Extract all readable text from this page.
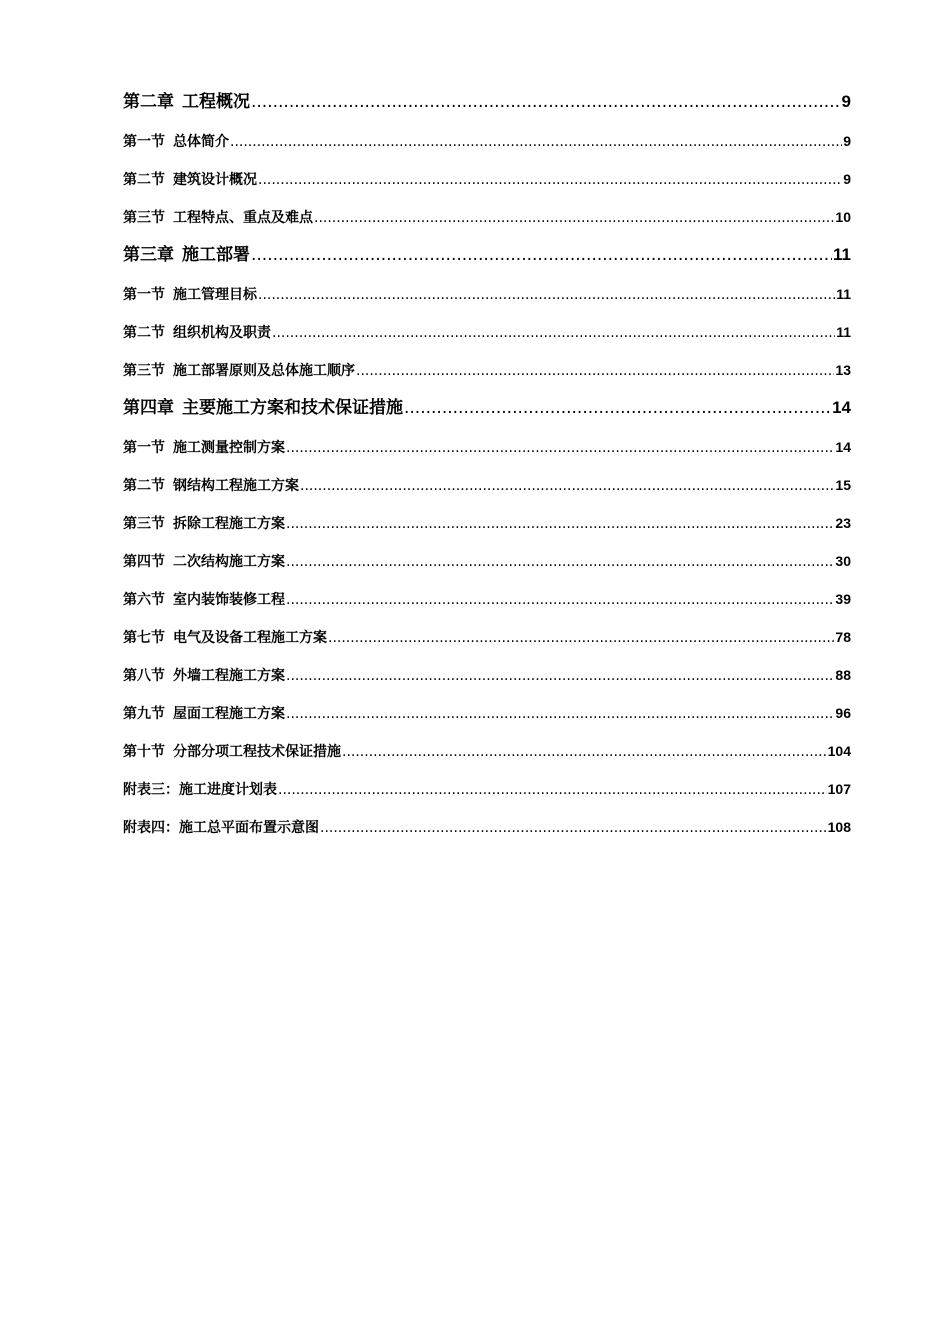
第二章 工程概况 .....	9
第一节 总体简介 .....	9
第二节 建筑设计概况 .....	9
第三节 工程特点、重点及难点 .....	10
第三章 施工部署 .....	11
第一节 施工管理目标 .....	11
第二节 组织机构及职责 .....	11
第三节 施工部署原则及总体施工顺序 .....	13
第四章 主要施工方案和技术保证措施 .....	14
第一节 施工测量控制方案 .....	14
第二节 钢结构工程施工方案 .....	15
第三节 拆除工程施工方案 .....	23
第四节 二次结构施工方案 .....	30
第六节 室内装饰装修工程 .....	39
第七节 电气及设备工程施工方案 .....	78
第八节 外墙工程施工方案 .....	88
第九节 屋面工程施工方案 .....	96
第十节 分部分项工程技术保证措施 .....	104
附表三： 施工进度计划表 .....	107
附表四： 施工总平面布置示意图 .....	108
